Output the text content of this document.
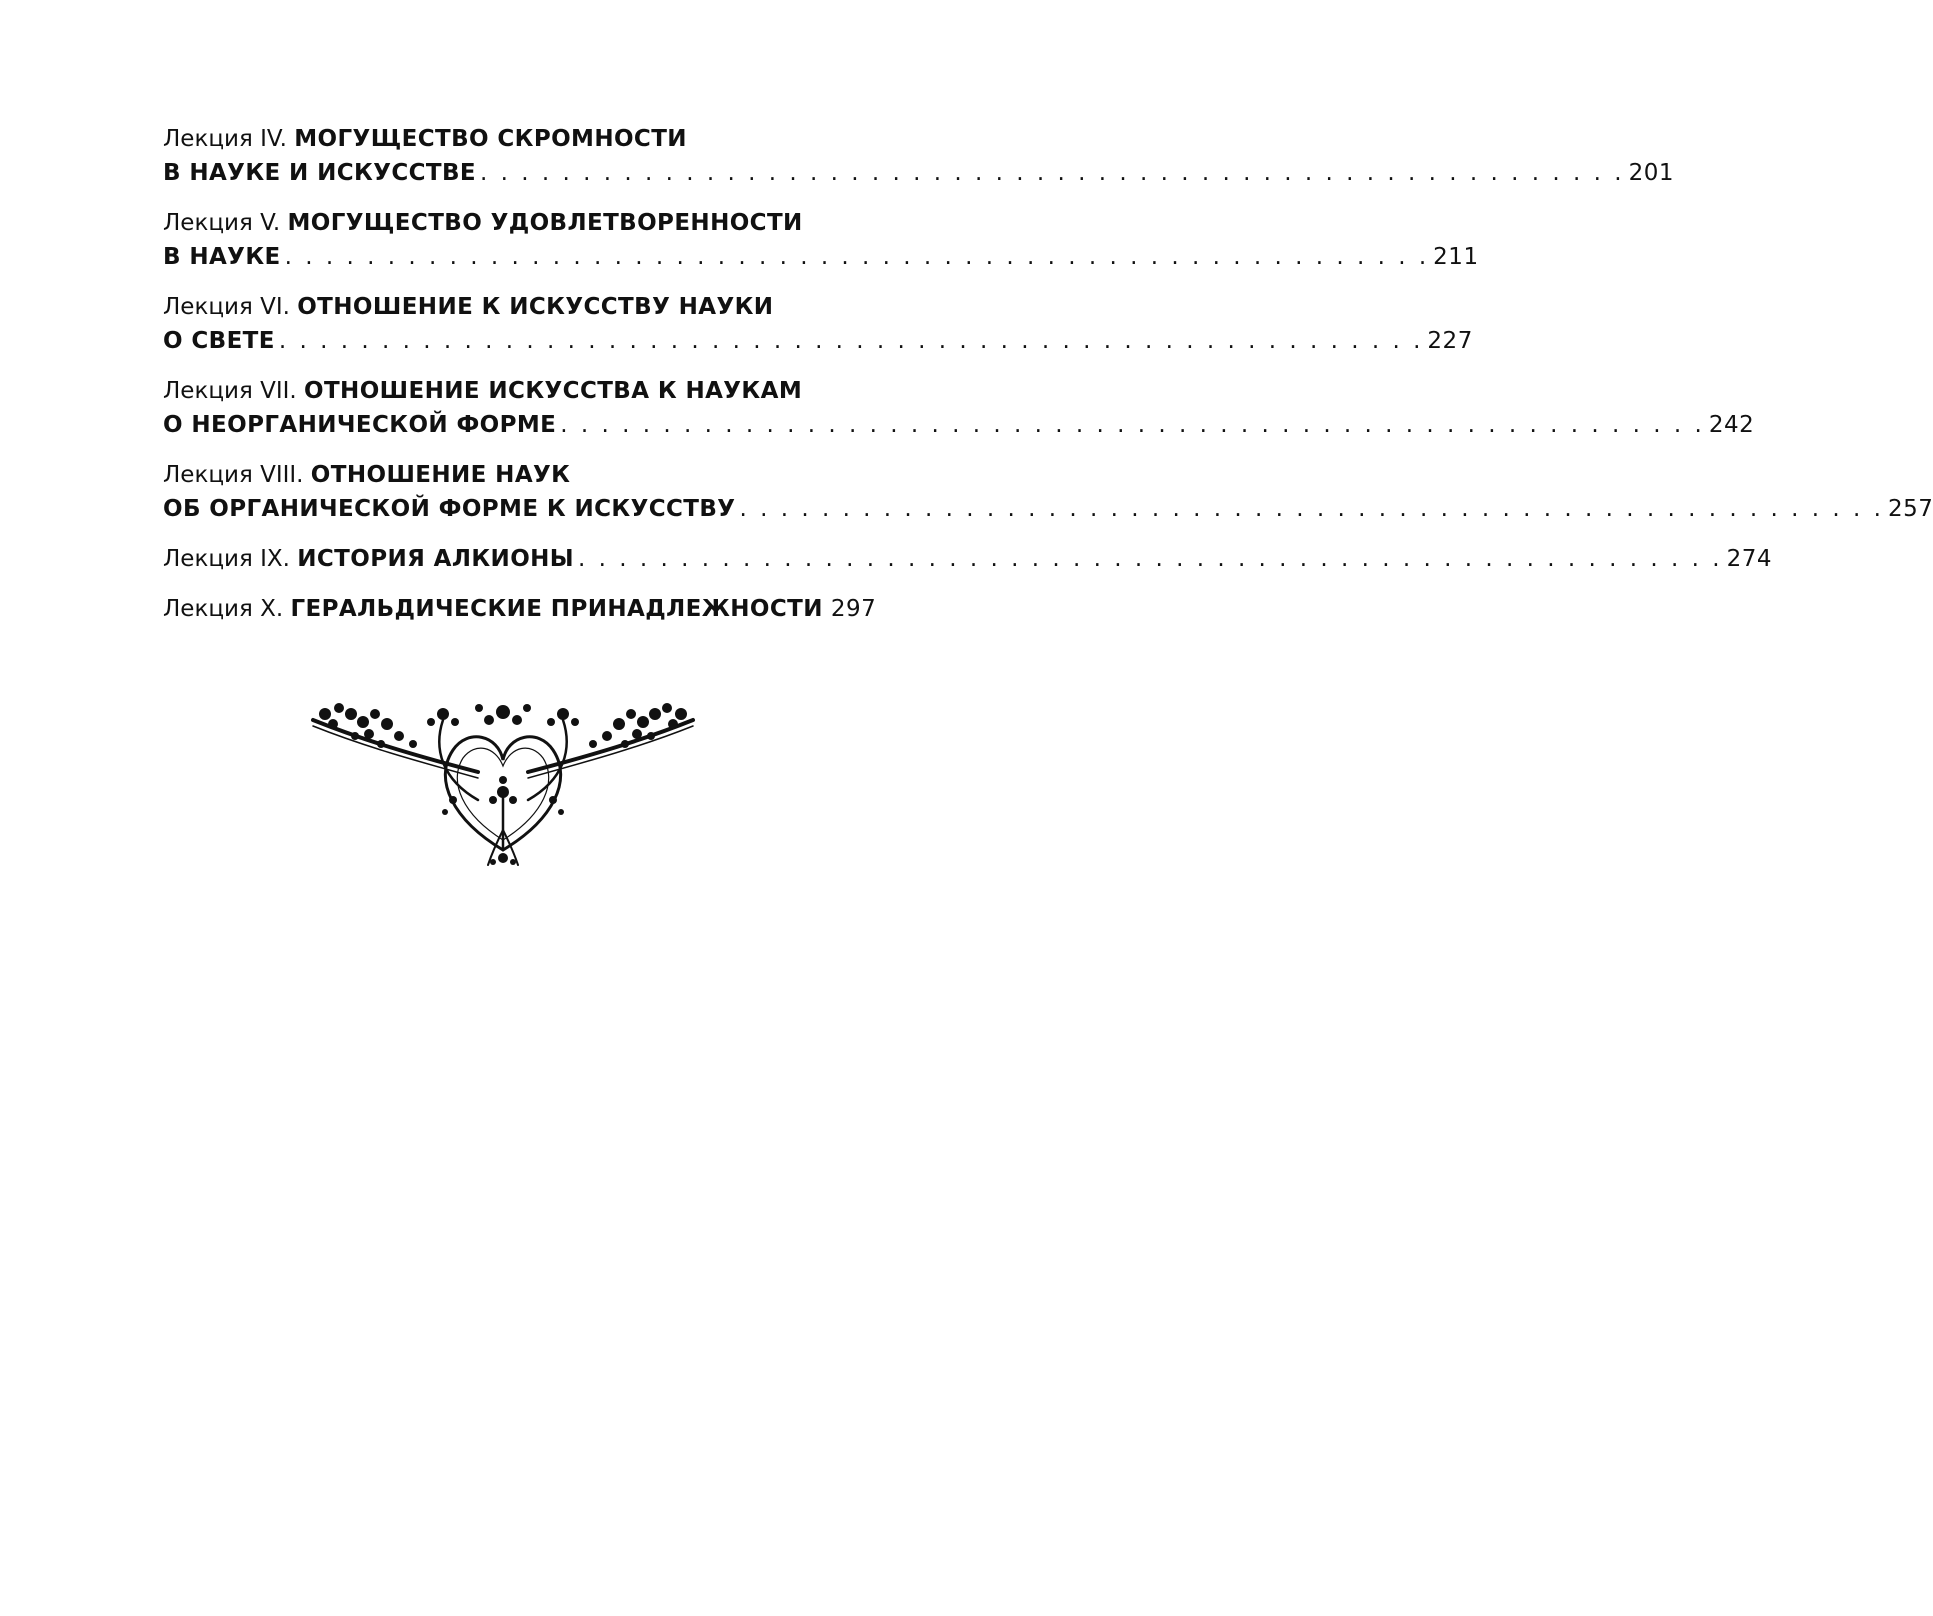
Лекция IV. МОГУЩЕСТВО СКРОМНОСТИ
В НАУКЕ И ИСКУССТВЕ . . . . . . . . . . . . . . . . . . . . . . . . . . . . . . . . . . . . . . . . . . . . . . . . . . . . . . . . 201
Лекция V. МОГУЩЕСТВО УДОВЛЕТВОРЕННОСТИ
В НАУКЕ . . . . . . . . . . . . . . . . . . . . . . . . . . . . . . . . . . . . . . . . . . . . . . . . . . . . . . . . 211
Лекция VI. ОТНОШЕНИЕ К ИСКУССТВУ НАУКИ
О СВЕТЕ . . . . . . . . . . . . . . . . . . . . . . . . . . . . . . . . . . . . . . . . . . . . . . . . . . . . . . . . 227
Лекция VII. ОТНОШЕНИЕ ИСКУССТВА К НАУКАМ
О НЕОРГАНИЧЕСКОЙ ФОРМЕ . . . . . . . . . . . . . . . . . . . . . . . . . . . . . . . . . . . . . . . . . . . . . . . . . . . . . . . . 242
Лекция VIII. ОТНОШЕНИЕ НАУК
ОБ ОРГАНИЧЕСКОЙ ФОРМЕ К ИСКУССТВУ . . . . . . . . . . . . . . . . . . . . . . . . . . . . . . . . . . . . . . . . . . . . . . . . . . . . . . . . 257
Лекция IX. ИСТОРИЯ АЛКИОНЫ . . . . . . . . . . . . . . . . . . . . . . . . . . . . . . . . . . . . . . . . . . . . . . . . . . . . . . . . 274
Лекция X. ГЕРАЛЬДИЧЕСКИЕ ПРИНАДЛЕЖНОСТИ 297
